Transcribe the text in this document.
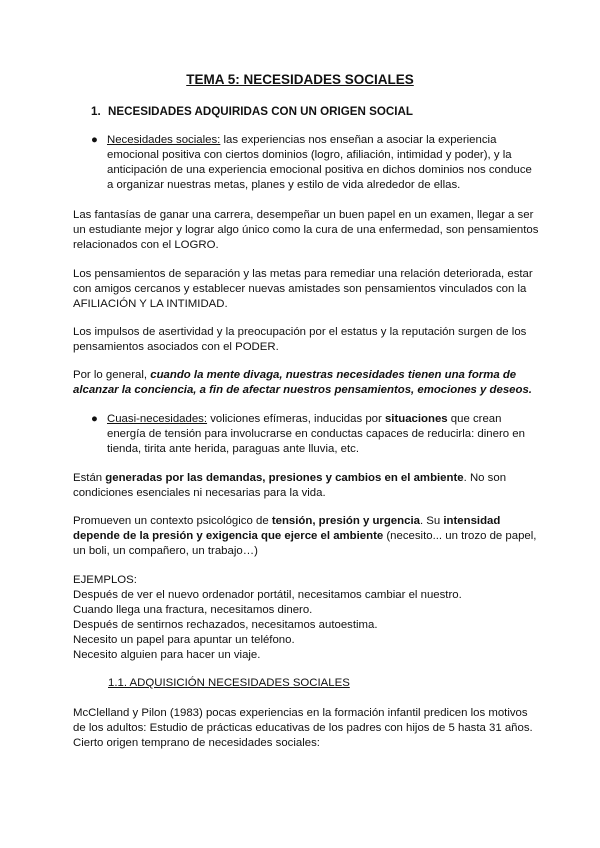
TEMA 5: NECESIDADES SOCIALES
1. NECESIDADES ADQUIRIDAS CON UN ORIGEN SOCIAL
● Necesidades sociales: las experiencias nos enseñan a asociar la experiencia
emocional positiva con ciertos dominios (logro, afiliación, intimidad y poder), y la
anticipación de una experiencia emocional positiva en dichos dominios nos conduce
a organizar nuestras metas, planes y estilo de vida alrededor de ellas.
Las fantasías de ganar una carrera, desempeñar un buen papel en un examen, llegar a ser
un estudiante mejor y lograr algo único como la cura de una enfermedad, son pensamientos
relacionados con el LOGRO.
Los pensamientos de separación y las metas para remediar una relación deteriorada, estar
con amigos cercanos y establecer nuevas amistades son pensamientos vinculados con la
AFILIACIÓN Y LA INTIMIDAD.
Los impulsos de asertividad y la preocupación por el estatus y la reputación surgen de los
pensamientos asociados con el PODER.
Por lo general, cuando la mente divaga, nuestras necesidades tienen una forma de
alcanzar la conciencia, a fin de afectar nuestros pensamientos, emociones y deseos.
● Cuasi-necesidades: voliciones efímeras, inducidas por situaciones que crean
energía de tensión para involucrarse en conductas capaces de reducirla: dinero en
tienda, tirita ante herida, paraguas ante lluvia, etc.
Están generadas por las demandas, presiones y cambios en el ambiente. No son
condiciones esenciales ni necesarias para la vida.
Promueven un contexto psicológico de tensión, presión y urgencia. Su intensidad
depende de la presión y exigencia que ejerce el ambiente (necesito... un trozo de papel,
un boli, un compañero, un trabajo…)
EJEMPLOS:
Después de ver el nuevo ordenador portátil, necesitamos cambiar el nuestro.
Cuando llega una fractura, necesitamos dinero.
Después de sentirnos rechazados, necesitamos autoestima.
Necesito un papel para apuntar un teléfono.
Necesito alguien para hacer un viaje.
1.1. ADQUISICIÓN NECESIDADES SOCIALES
McClelland y Pilon (1983) pocas experiencias en la formación infantil predicen los motivos
de los adultos: Estudio de prácticas educativas de los padres con hijos de 5 hasta 31 años.
Cierto origen temprano de necesidades sociales:
